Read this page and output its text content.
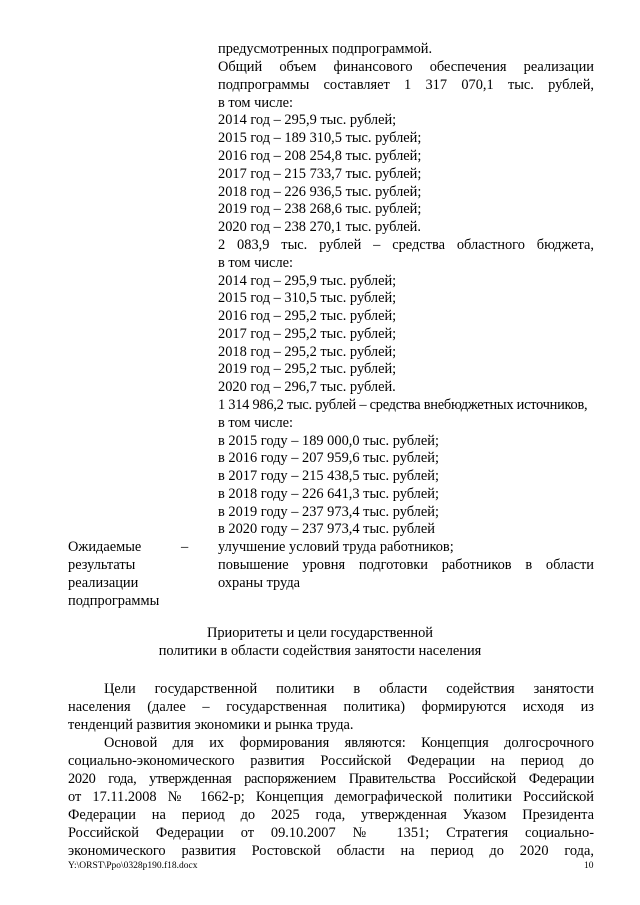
предусмотренных подпрограммой.
Общий объем финансового обеспечения реализации
подпрограммы составляет 1 317 070,1 тыс. рублей,
в том числе:
2014 год – 295,9 тыс. рублей;
2015 год – 189 310,5 тыс. рублей;
2016 год – 208 254,8 тыс. рублей;
2017 год – 215 733,7 тыс. рублей;
2018 год – 226 936,5 тыс. рублей;
2019 год – 238 268,6 тыс. рублей;
2020 год – 238 270,1 тыс. рублей.
2 083,9 тыс. рублей – средства областного бюджета,
в том числе:
2014 год – 295,9 тыс. рублей;
2015 год – 310,5 тыс. рублей;
2016 год – 295,2 тыс. рублей;
2017 год – 295,2 тыс. рублей;
2018 год – 295,2 тыс. рублей;
2019 год – 295,2 тыс. рублей;
2020 год – 296,7 тыс. рублей.
1 314 986,2 тыс. рублей – средства внебюджетных источников,
в том числе:
в 2015 году – 189 000,0 тыс. рублей;
в 2016 году – 207 959,6 тыс. рублей;
в 2017 году – 215 438,5 тыс. рублей;
в 2018 году – 226 641,3 тыс. рублей;
в 2019 году – 237 973,4 тыс. рублей;
в 2020 году – 237 973,4 тыс. рублей
Ожидаемые
результаты
реализации
подпрограммы
– улучшение условий труда работников;
повышение уровня подготовки работников в области
охраны труда
Приоритеты и цели государственной
политики в области содействия занятости населения
Цели государственной политики в области содействия занятости
населения (далее – государственная политика) формируются исходя из
тенденций развития экономики и рынка труда.
Основой для их формирования являются: Концепция долгосрочного
социально-экономического развития Российской Федерации на период до
2020 года, утвержденная распоряжением Правительства Российской Федерации
от 17.11.2008 № 1662-р; Концепция демографической политики Российской
Федерации на период до 2025 года, утвержденная Указом Президента
Российской Федерации от 09.10.2007 № 1351; Стратегия социально-
экономического развития Ростовской области на период до 2020 года,
Y:\ORST\Ppo\0328p190.f18.docx	10
